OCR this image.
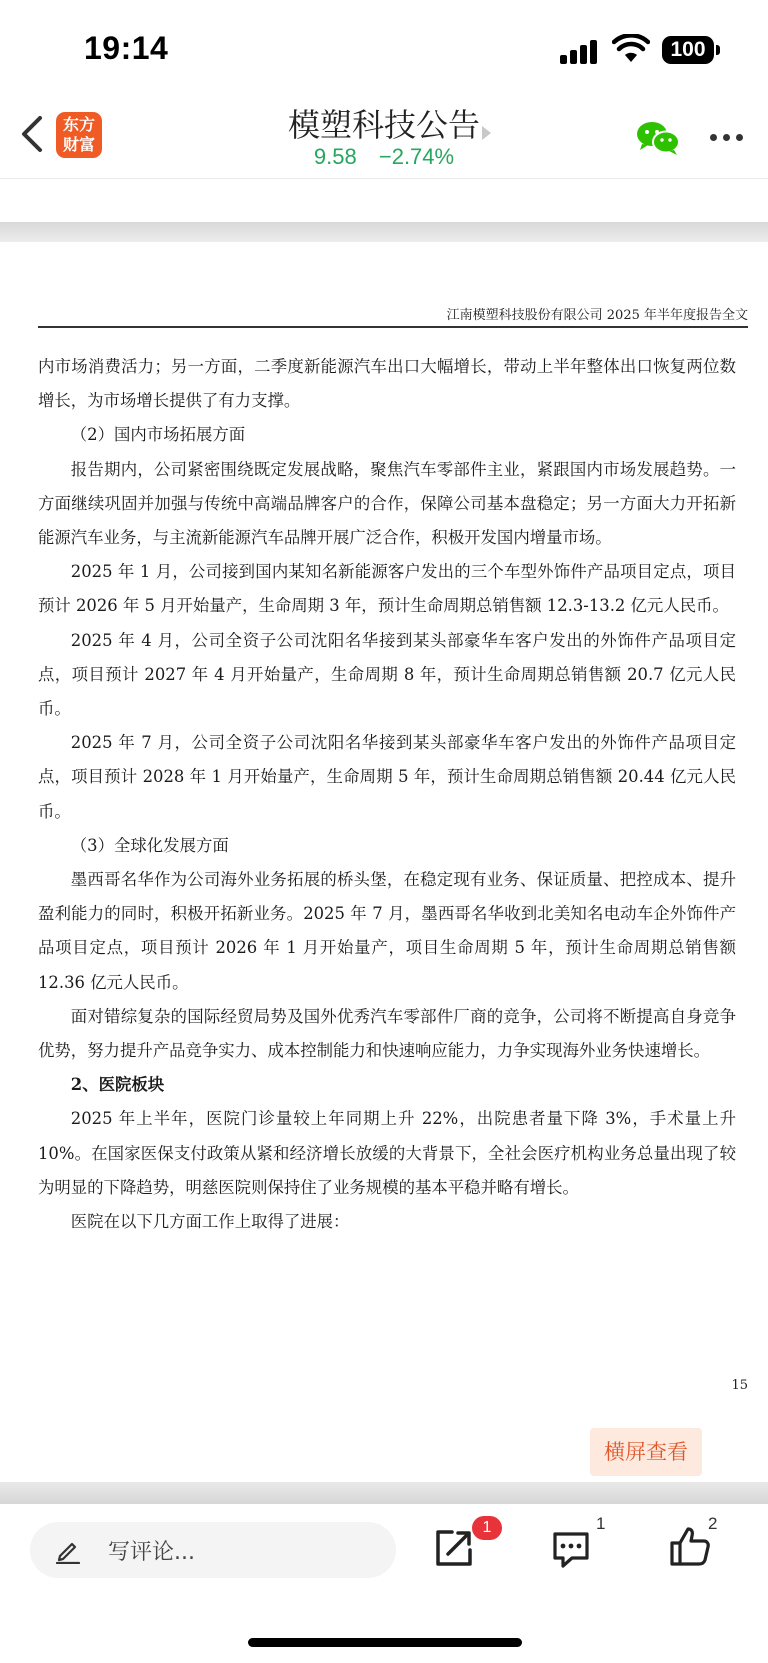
19:14	100
东方
财富
模塑科技公告
9.58 −2.74%
江南模塑科技股份有限公司 2025 年半年度报告全文

内市场消费活力；另一方面，二季度新能源汽车出口大幅增长，带动上半年整体出口恢复两位数增长，为市场增长提供了有力支撑。

（2）国内市场拓展方面

报告期内，公司紧密围绕既定发展战略，聚焦汽车零部件主业，紧跟国内市场发展趋势。一方面继续巩固并加强与传统中高端品牌客户的合作，保障公司基本盘稳定；另一方面大力开拓新能源汽车业务，与主流新能源汽车品牌开展广泛合作，积极开发国内增量市场。

2025 年 1 月，公司接到国内某知名新能源客户发出的三个车型外饰件产品项目定点，项目预计 2026 年 5 月开始量产，生命周期 3 年，预计生命周期总销售额 12.3-13.2 亿元人民币。

2025 年 4 月，公司全资子公司沈阳名华接到某头部豪华车客户发出的外饰件产品项目定点，项目预计 2027 年 4 月开始量产，生命周期 8 年，预计生命周期总销售额 20.7 亿元人民币。

2025 年 7 月，公司全资子公司沈阳名华接到某头部豪华车客户发出的外饰件产品项目定点，项目预计 2028 年 1 月开始量产，生命周期 5 年，预计生命周期总销售额 20.44 亿元人民币。

（3）全球化发展方面

墨西哥名华作为公司海外业务拓展的桥头堡，在稳定现有业务、保证质量、把控成本、提升盈利能力的同时，积极开拓新业务。2025 年 7 月，墨西哥名华收到北美知名电动车企外饰件产品项目定点，项目预计 2026 年 1 月开始量产，项目生命周期 5 年，预计生命周期总销售额 12.36 亿元人民币。

面对错综复杂的国际经贸局势及国外优秀汽车零部件厂商的竞争，公司将不断提高自身竞争优势，努力提升产品竞争实力、成本控制能力和快速响应能力，力争实现海外业务快速增长。

2、医院板块

2025 年上半年，医院门诊量较上年同期上升 22%，出院患者量下降 3%，手术量上升 10%。在国家医保支付政策从紧和经济增长放缓的大背景下，全社会医疗机构业务总量出现了较为明显的下降趋势，明慈医院则保持住了业务规模的基本平稳并略有增长。

医院在以下几方面工作上取得了进展：

15
横屏查看
写评论...
1	1	2
